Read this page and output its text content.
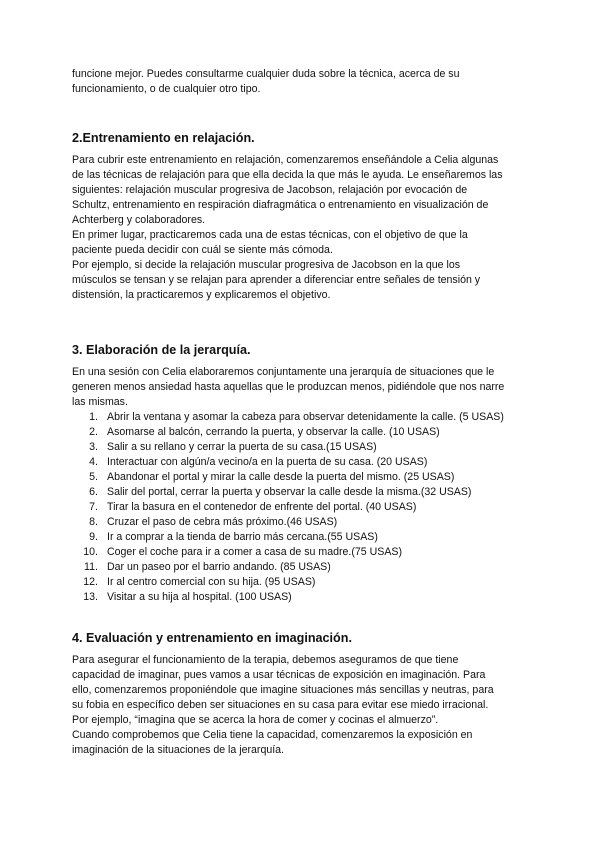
funcione mejor. Puedes consultarme cualquier duda sobre la técnica, acerca de su

funcionamiento, o de cualquier otro tipo.

2.Entrenamiento en relajación.

Para cubrir este entrenamiento en relajación, comenzaremos enseñándole a Celia algunas

de las técnicas de relajación para que ella decida la que más le ayuda. Le enseñaremos las

siguientes: relajación muscular progresiva de Jacobson, relajación por evocación de

Schultz, entrenamiento en respiración diafragmática o entrenamiento en visualización de

Achterberg y colaboradores.

En primer lugar, practicaremos cada una de estas técnicas, con el objetivo de que la

paciente pueda decidir con cuál se siente más cómoda.

Por ejemplo, si decide la relajación muscular progresiva de Jacobson en la que los

músculos se tensan y se relajan para aprender a diferenciar entre señales de tensión y

distensión, la practicaremos y explicaremos el objetivo.

3. Elaboración de la jerarquía.

En una sesión con Celia elaboraremos conjuntamente una jerarquía de situaciones que le

generen menos ansiedad hasta aquellas que le produzcan menos, pidiéndole que nos narre

las mismas.

1. Abrir la ventana y asomar la cabeza para observar detenidamente la calle. (5 USAS)
2. Asomarse al balcón, cerrando la puerta, y observar la calle. (10 USAS)
3. Salir a su rellano y cerrar la puerta de su casa.(15 USAS)
4. Interactuar con algún/a vecino/a en la puerta de su casa. (20 USAS)
5. Abandonar el portal y mirar la calle desde la puerta del mismo. (25 USAS)
6. Salir del portal, cerrar la puerta y observar la calle desde la misma.(32 USAS)
7. Tirar la basura en el contenedor de enfrente del portal. (40 USAS)
8. Cruzar el paso de cebra más próximo.(46 USAS)
9. Ir a comprar a la tienda de barrio más cercana.(55 USAS)
10. Coger el coche para ir a comer a casa de su madre.(75 USAS)
11. Dar un paseo por el barrio andando. (85 USAS)
12. Ir al centro comercial con su hija. (95 USAS)
13. Visitar a su hija al hospital. (100 USAS)
4. Evaluación y entrenamiento en imaginación.

Para asegurar el funcionamiento de la terapia, debemos aseguramos de que tiene

capacidad de imaginar, pues vamos a usar técnicas de exposición en imaginación. Para

ello, comenzaremos proponiéndole que imagine situaciones más sencillas y neutras, para

su fobia en específico deben ser situaciones en su casa para evitar ese miedo irracional.

Por ejemplo, “imagina que se acerca la hora de comer y cocinas el almuerzo”.

Cuando comprobemos que Celia tiene la capacidad, comenzaremos la exposición en

imaginación de la situaciones de la jerarquía.
